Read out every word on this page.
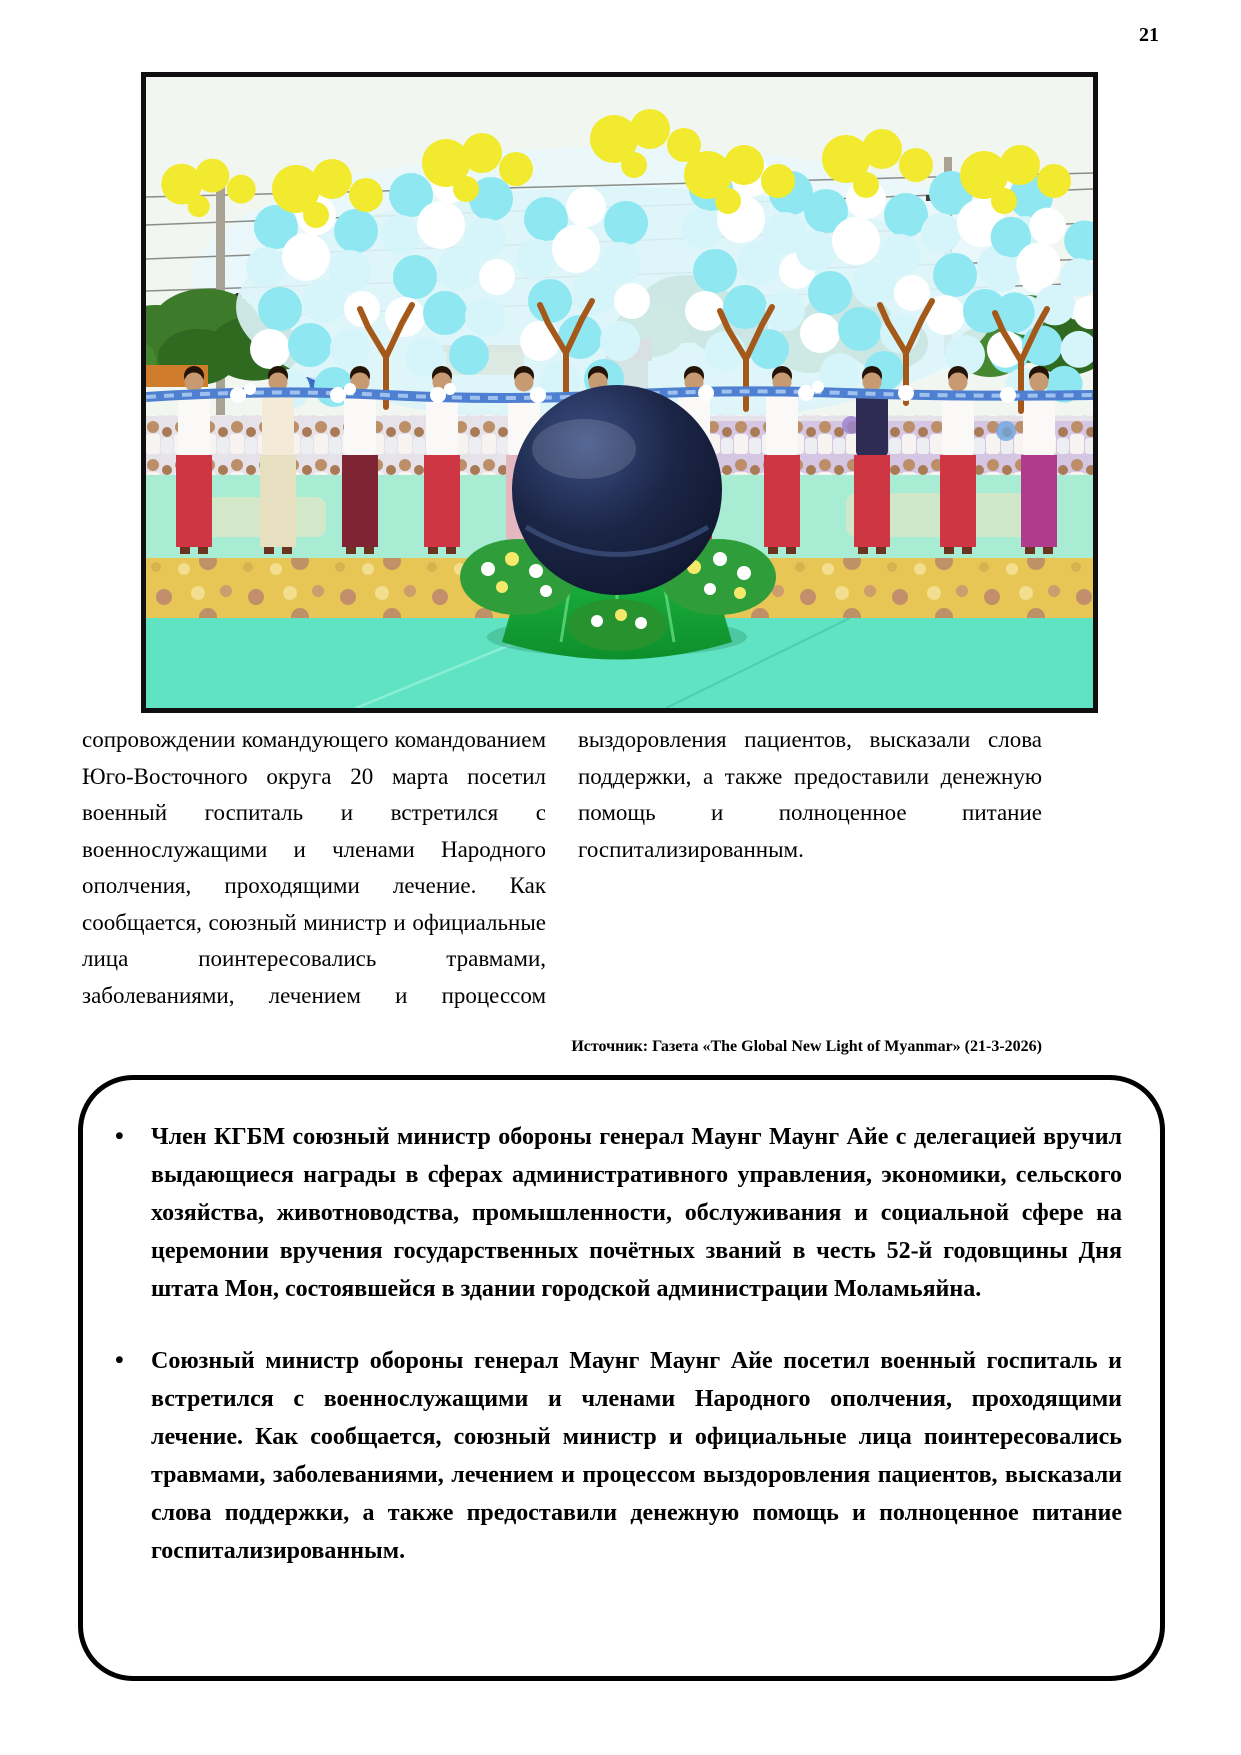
21
сопровождении командующего командованием Юго-Восточного округа 20 марта посетил военный госпиталь и встретился с военнослужащими и членами Народного ополчения, проходящими лечение. Как сообщается, союзный министр и официальные лица поинтересовались травмами, заболеваниями, лечением и процессом
выздоровления пациентов, высказали слова поддержки, а также предоставили денежную помощь и полноценное питание госпитализированным.
Источник: Газета «The Global New Light of Myanmar» (21-3-2026)
•	Член КГБМ союзный министр обороны генерал Маунг Маунг Айе с делегацией вручил выдающиеся награды в сферах административного управления, экономики, сельского хозяйства, животноводства, промышленности, обслуживания и социальной сфере на церемонии вручения государственных почётных званий в честь 52-й годовщины Дня штата Мон, состоявшейся в здании городской администрации Моламьяйна.
•	Союзный министр обороны генерал Маунг Маунг Айе посетил военный госпиталь и встретился с военнослужащими и членами Народного ополчения, проходящими лечение. Как сообщается, союзный министр и официальные лица поинтересовались травмами, заболеваниями, лечением и процессом выздоровления пациентов, высказали слова поддержки, а также предоставили денежную помощь и полноценное питание госпитализированным.
